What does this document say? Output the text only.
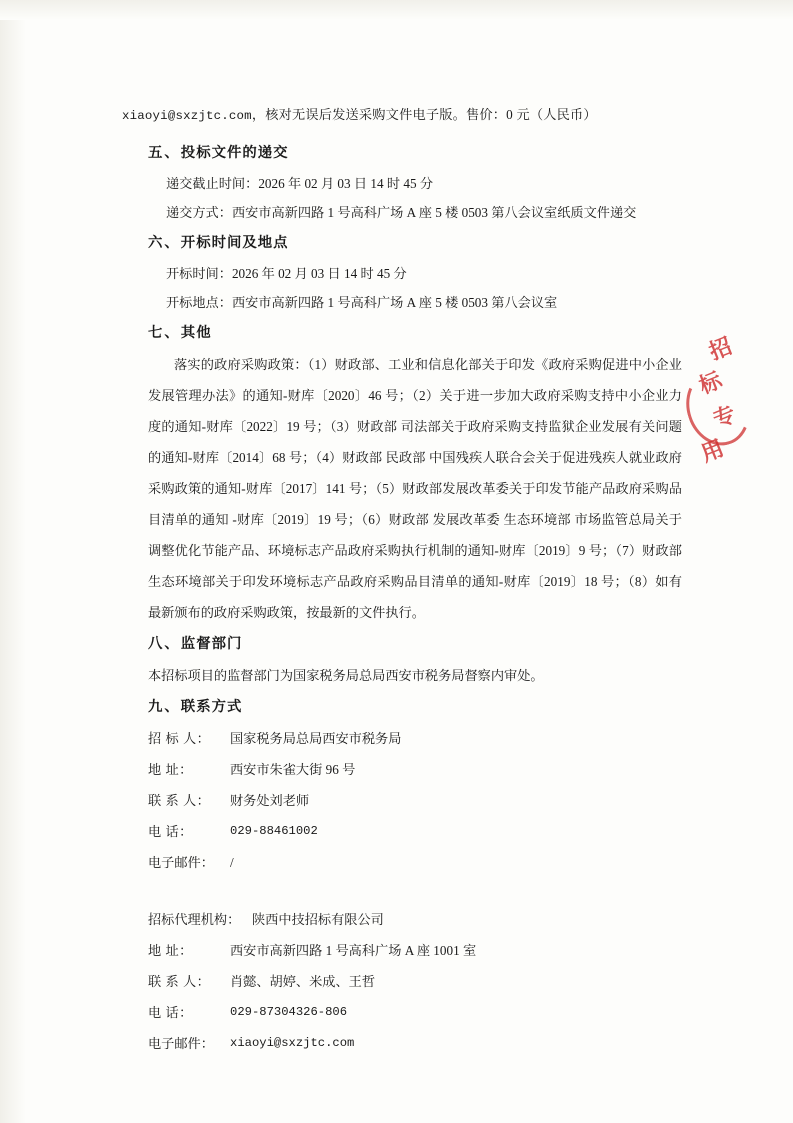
xiaoyi@sxzjtc.com，核对无误后发送采购文件电子版。售价：0 元（人民币）
五、投标文件的递交
递交截止时间：2026 年 02 月 03 日 14 时 45 分
递交方式：西安市高新四路 1 号高科广场 A 座 5 楼 0503 第八会议室纸质文件递交
六、开标时间及地点
开标时间：2026 年 02 月 03 日 14 时 45 分
开标地点：西安市高新四路 1 号高科广场 A 座 5 楼 0503 第八会议室
七、其他
落实的政府采购政策：（1）财政部、工业和信息化部关于印发《政府采购促进中小企业发展管理办法》的通知-财库〔2020〕46 号；（2）关于进一步加大政府采购支持中小企业力度的通知-财库〔2022〕19 号；（3）财政部 司法部关于政府采购支持监狱企业发展有关问题的通知-财库〔2014〕68 号；（4）财政部 民政部 中国残疾人联合会关于促进残疾人就业政府采购政策的通知-财库〔2017〕141 号；（5）财政部发展改革委关于印发节能产品政府采购品目清单的通知 -财库〔2019〕19 号；（6）财政部 发展改革委 生态环境部 市场监管总局关于调整优化节能产品、环境标志产品政府采购执行机制的通知-财库〔2019〕9 号；（7）财政部生态环境部关于印发环境标志产品政府采购品目清单的通知-财库〔2019〕18 号；（8）如有最新颁布的政府采购政策，按最新的文件执行。
八、监督部门
本招标项目的监督部门为国家税务局总局西安市税务局督察内审处。
九、联系方式
招 标 人：	国家税务局总局西安市税务局
地 址：	西安市朱雀大街 96 号
联 系 人：	财务处刘老师
电 话：	029-88461002
电子邮件：	/
招标代理机构： 陕西中技招标有限公司
地 址：	西安市高新四路 1 号高科广场 A 座 1001 室
联 系 人：	肖懿、胡婷、米成、王哲
电 话：	029-87304326-806
电子邮件：	xiaoyi@sxzjtc.com
招
标
专
用
